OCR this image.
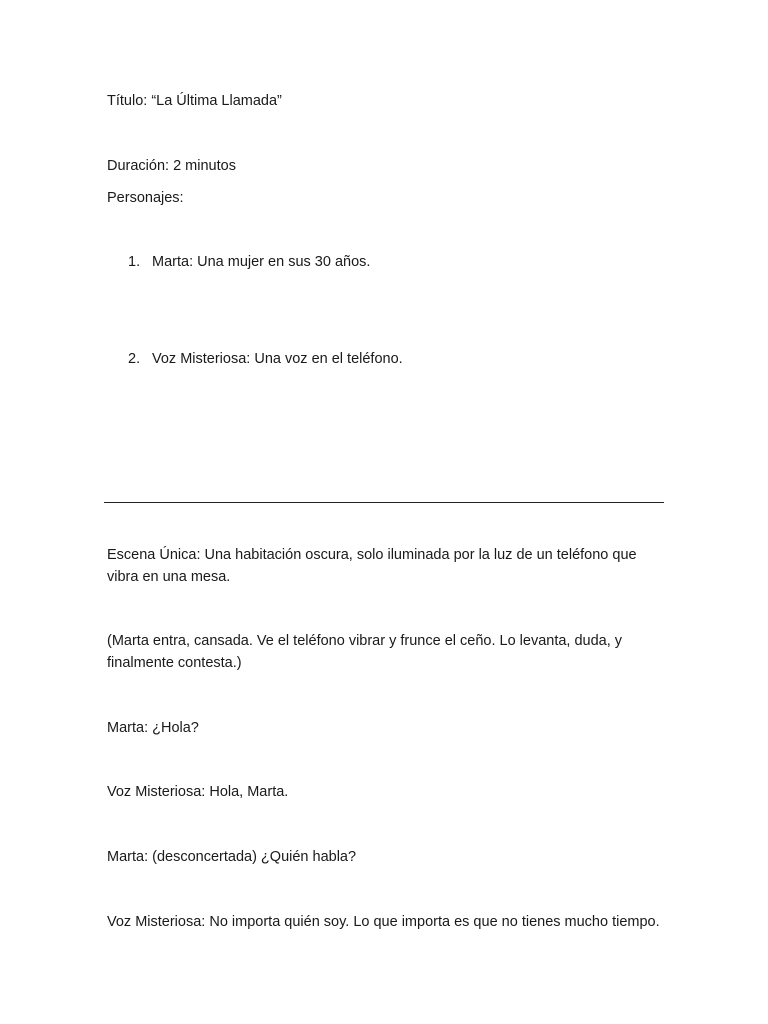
Título: “La Última Llamada”
Duración: 2 minutos
Personajes:
1. Marta: Una mujer en sus 30 años.
2. Voz Misteriosa: Una voz en el teléfono.
Escena Única: Una habitación oscura, solo iluminada por la luz de un teléfono que vibra en una mesa.
(Marta entra, cansada. Ve el teléfono vibrar y frunce el ceño. Lo levanta, duda, y finalmente contesta.)
Marta: ¿Hola?
Voz Misteriosa: Hola, Marta.
Marta: (desconcertada) ¿Quién habla?
Voz Misteriosa: No importa quién soy. Lo que importa es que no tienes mucho tiempo.
